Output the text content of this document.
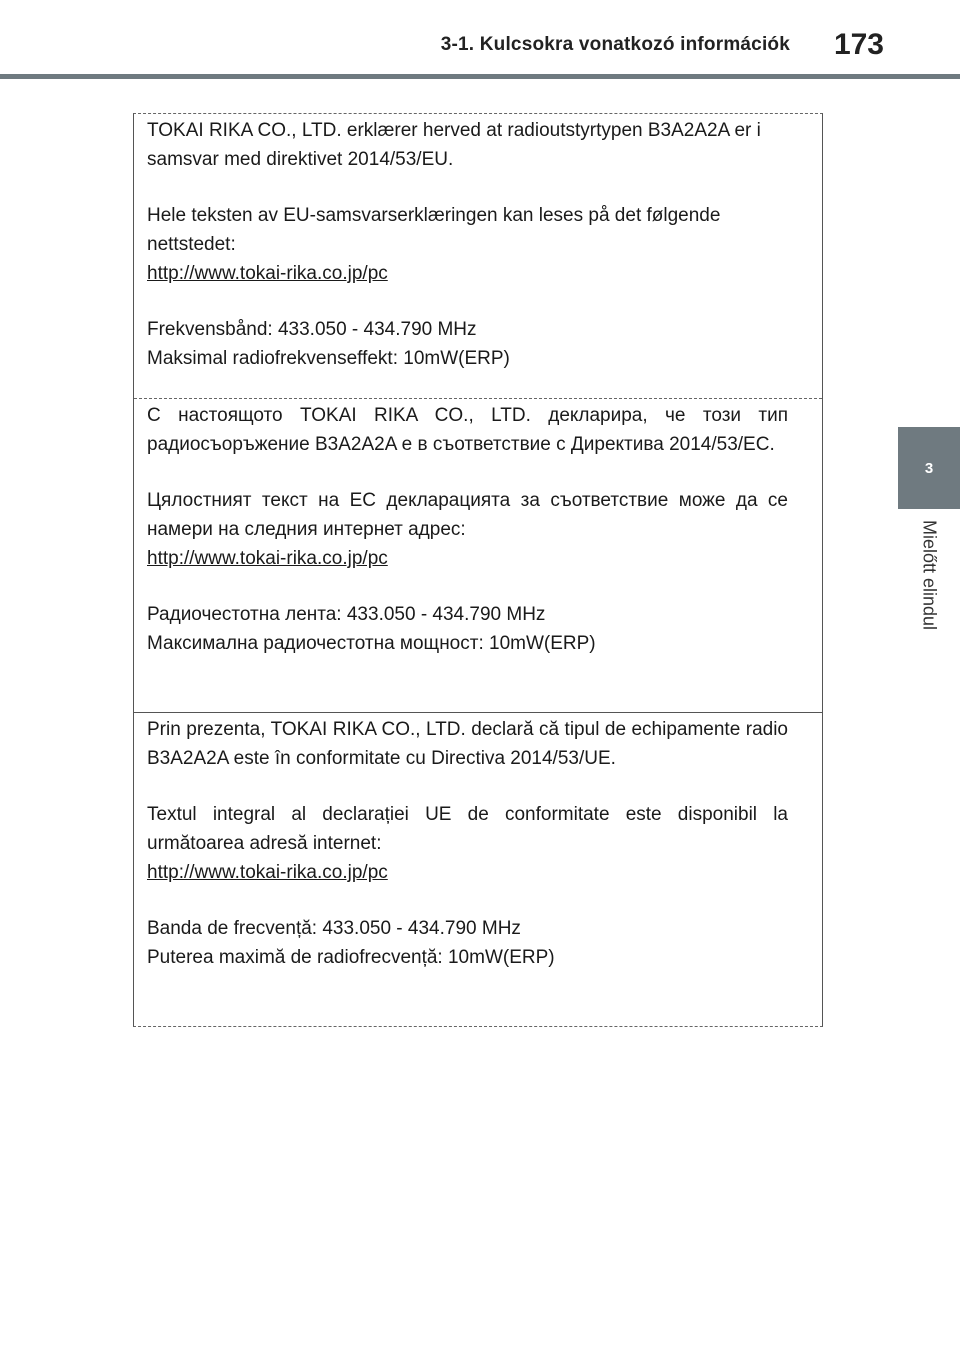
3-1. Kulcsokra vonatkozó információk 173
3
Mielőtt elindul

TOKAI RIKA CO., LTD. erklærer herved at radioutstyrtypen B3A2A2A er i samsvar med direktivet 2014/53/EU.

Hele teksten av EU-samsvarserklæringen kan leses på det følgende nettstedet:

http://www.tokai-rika.co.jp/pc

Frekvensbånd: 433.050 - 434.790 MHz

Maksimal radiofrekvenseffekt: 10mW(ERP)

С настоящото TOKAI RIKA CO., LTD. декларира, че този тип радиосъоръжение B3A2A2A е в съответствие с Директива 2014/53/ЕС.

Цялостният текст на ЕС декларацията за съответствие може да се намери на следния интернет адрес:

http://www.tokai-rika.co.jp/pc

Радиочестотна лента: 433.050 - 434.790 MHz

Максимална радиочестотна мощност: 10mW(ERP)

Prin prezenta, TOKAI RIKA CO., LTD. declară că tipul de echipamente radio B3A2A2A este în conformitate cu Directiva 2014/53/UE.

Textul integral al declarației UE de conformitate este disponibil la următoarea adresă internet:

http://www.tokai-rika.co.jp/pc

Banda de frecvență: 433.050 - 434.790 MHz

Puterea maximă de radiofrecvență: 10mW(ERP)
